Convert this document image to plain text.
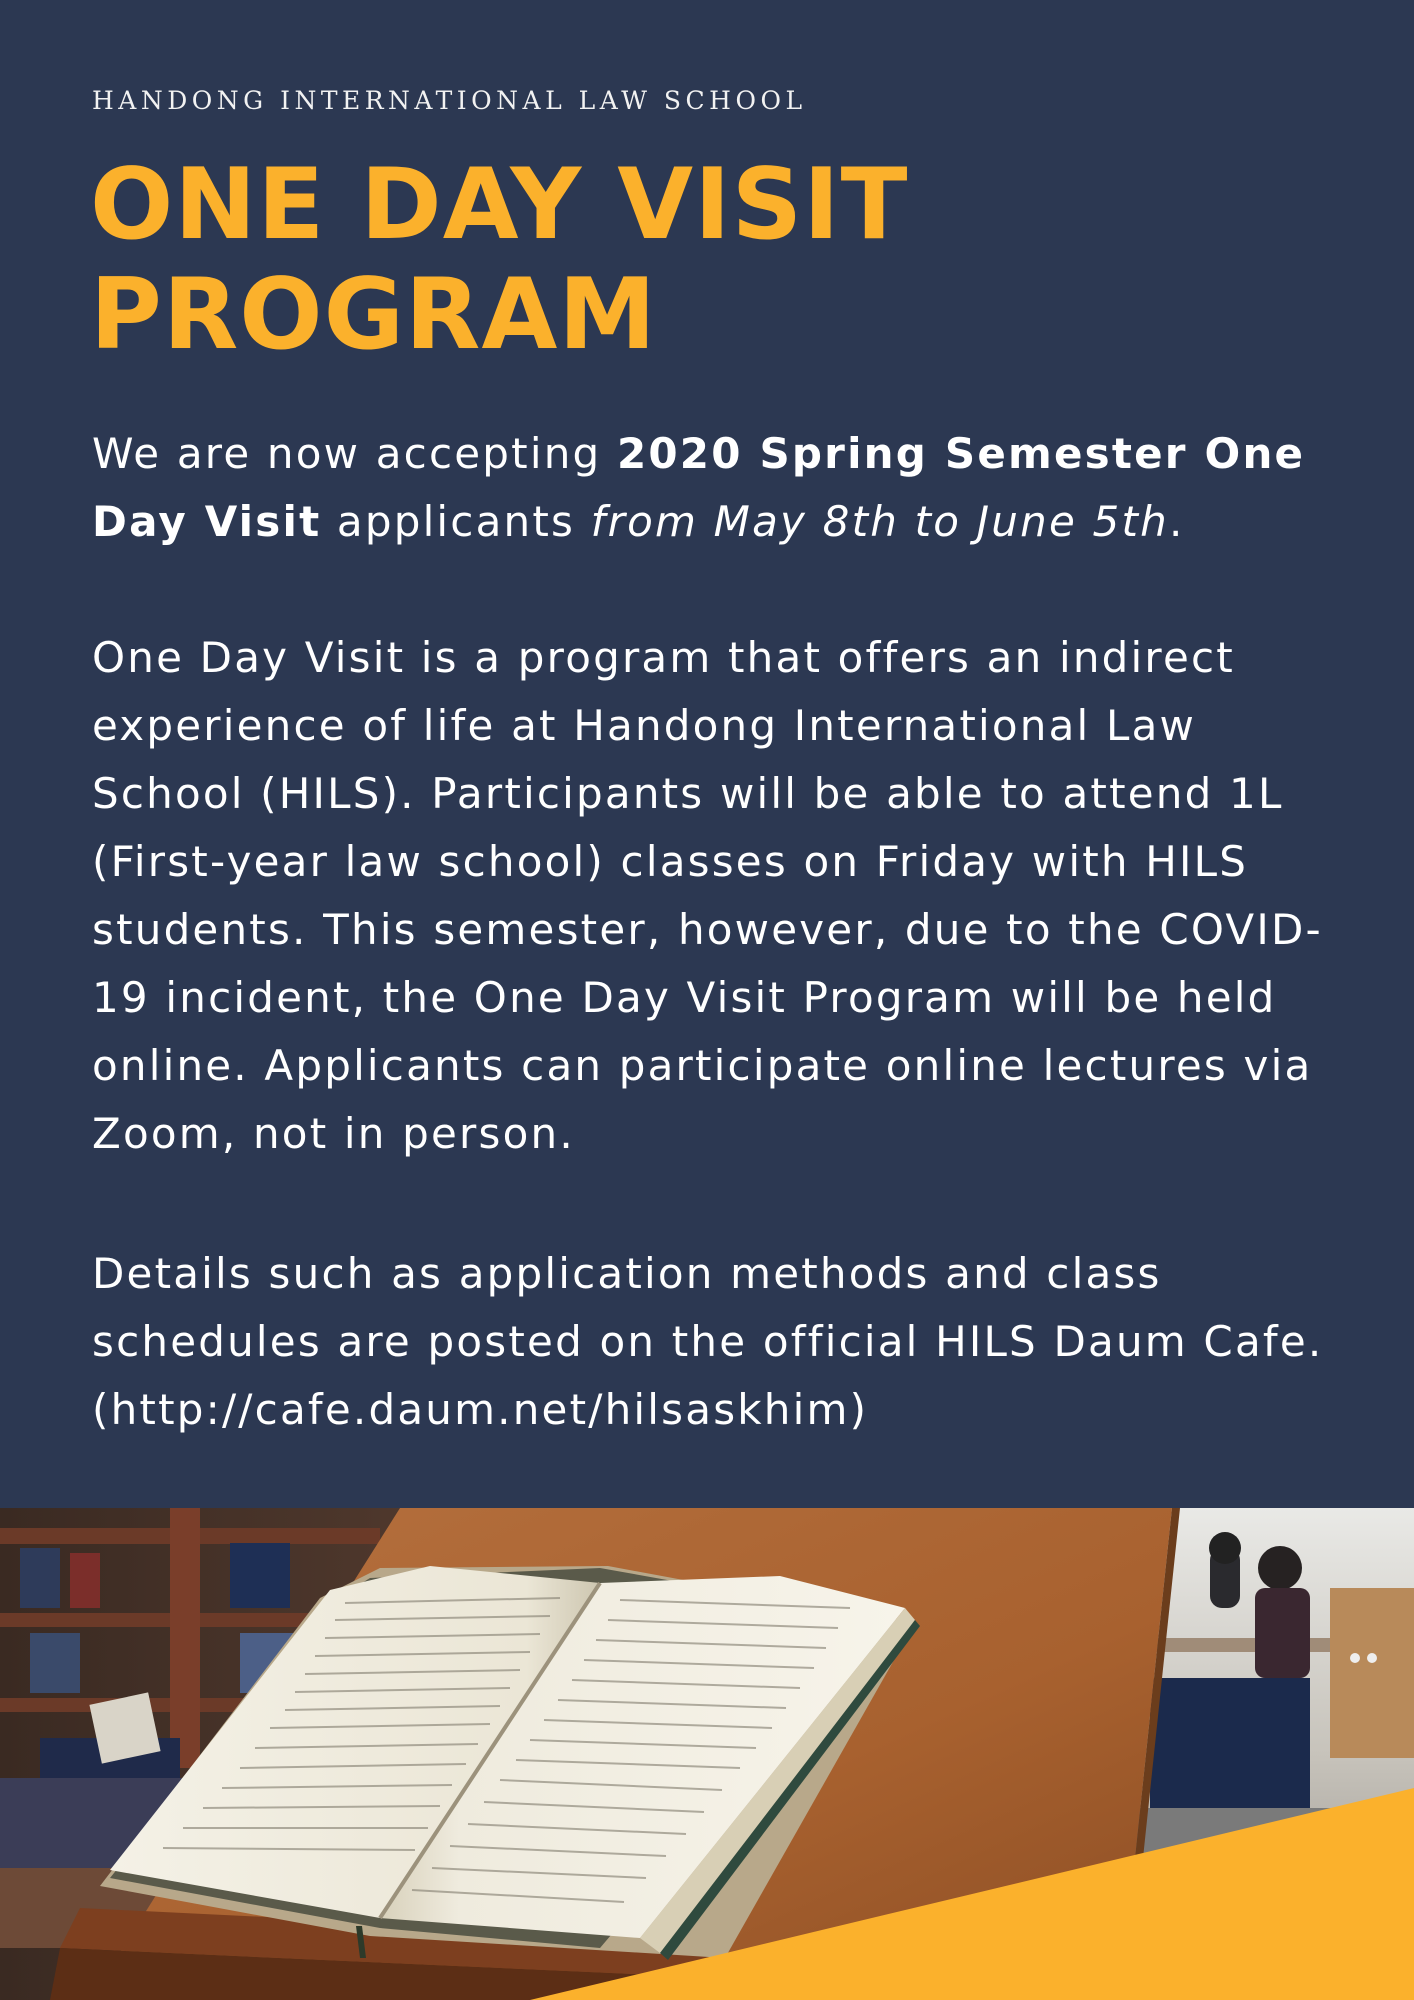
HANDONG INTERNATIONAL LAW SCHOOL
ONE DAY VISIT
PROGRAM

We are now accepting 2020 Spring Semester One Day Visit applicants from May 8th to June 5th.

One Day Visit is a program that offers an indirect experience of life at Handong International Law School (HILS). Participants will be able to attend 1L (First-year law school) classes on Friday with HILS students. This semester, however, due to the COVID-19 incident, the One Day Visit Program will be held online. Applicants can participate online lectures via Zoom, not in person.

Details such as application methods and class schedules are posted on the official HILS Daum Cafe. (http://cafe.daum.net/hilsaskhim)
